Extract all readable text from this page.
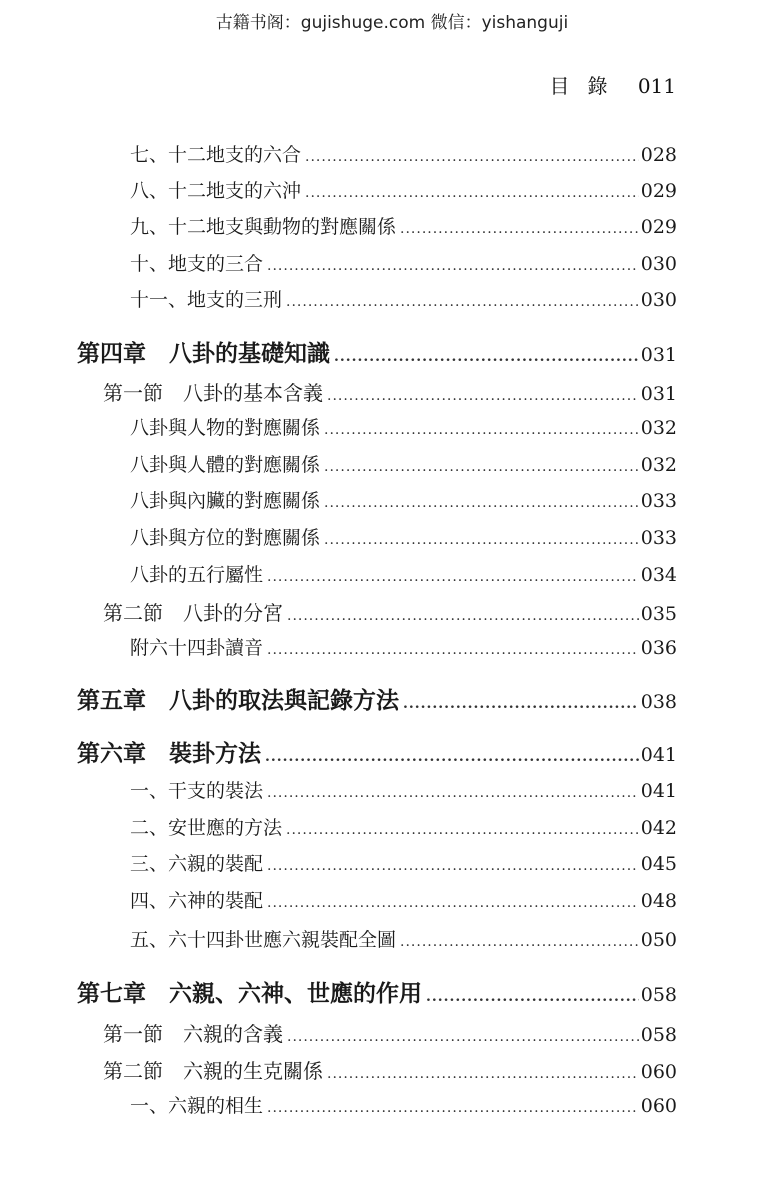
古籍书阁：gujishuge.com 微信：yishanguji
目錄 011
七、十二地支的六合 .....	028
八、十二地支的六沖 .....	029
九、十二地支與動物的對應關係 .....	029
十、地支的三合 .....	030
十一、地支的三刑 .....	030
第四章　八卦的基礎知識 .....	031
第一節　八卦的基本含義 .....	031
八卦與人物的對應關係 .....	032
八卦與人體的對應關係 .....	032
八卦與內臟的對應關係 .....	033
八卦與方位的對應關係 .....	033
八卦的五行屬性 .....	034
第二節　八卦的分宮 .....	035
附六十四卦讀音 .....	036
第五章　八卦的取法與記錄方法 .....	038
第六章　裝卦方法 .....	041
一、干支的裝法 .....	041
二、安世應的方法 .....	042
三、六親的裝配 .....	045
四、六神的裝配 .....	048
五、六十四卦世應六親裝配全圖 .....	050
第七章　六親、六神、世應的作用 .....	058
第一節　六親的含義 .....	058
第二節　六親的生克關係 .....	060
一、六親的相生 .....	060
